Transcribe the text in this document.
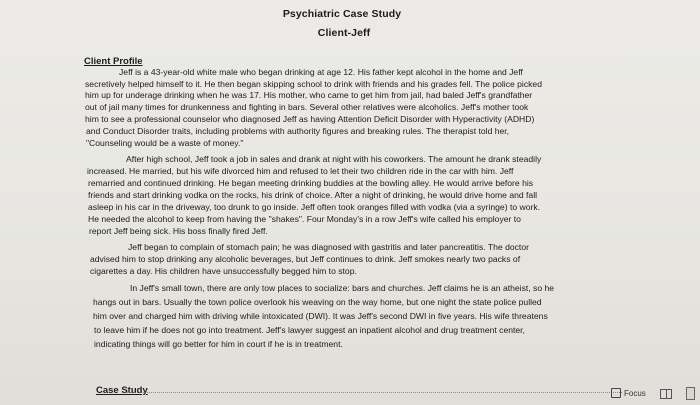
Psychiatric Case Study
Client-Jeff
Client Profile
Jeff is a 43-year-old white male who began drinking at age 12. His father kept alcohol in the home and Jeff
secretively helped himself to it. He then began skipping school to drink with friends and his grades fell. The police picked
him up for underage drinking when he was 17. His mother, who came to get him from jail, had baled Jeff's grandfather
out of jail many times for drunkenness and fighting in bars. Several other relatives were alcoholics. Jeff's mother took
him to see a professional counselor who diagnosed Jeff as having Attention Deficit Disorder with Hyperactivity (ADHD)
and Conduct Disorder traits, including problems with authority figures and breaking rules. The therapist told her,
"Counseling would be a waste of money."
After high school, Jeff took a job in sales and drank at night with his coworkers. The amount he drank steadily
increased. He married, but his wife divorced him and refused to let their two children ride in the car with him. Jeff
remarried and continued drinking. He began meeting drinking buddies at the bowling alley. He would arrive before his
friends and start drinking vodka on the rocks, his drink of choice. After a night of drinking, he would drive home and fall
asleep in his car in the driveway, too drunk to go inside. Jeff often took oranges filled with vodka (via a syringe) to work.
He needed the alcohol to keep from having the "shakes". Four Monday's in a row Jeff's wife called his employer to
report Jeff being sick. His boss finally fired Jeff.
Jeff began to complain of stomach pain; he was diagnosed with gastritis and later pancreatitis. The doctor
advised him to stop drinking any alcoholic beverages, but Jeff continues to drink. Jeff smokes nearly two packs of
cigarettes a day. His children have unsuccessfully begged him to stop.
In Jeff's small town, there are only tow places to socialize: bars and churches. Jeff claims he is an atheist, so he
hangs out in bars. Usually the town police overlook his weaving on the way home, but one night the state police pulled
him over and charged him with driving while intoxicated (DWI). It was Jeff's second DWI in five years. His wife threatens
to leave him if he does not go into treatment. Jeff's lawyer suggest an inpatient alcohol and drug treatment center,
indicating things will go better for him in court if he is in treatment.
Case Study	Focus
